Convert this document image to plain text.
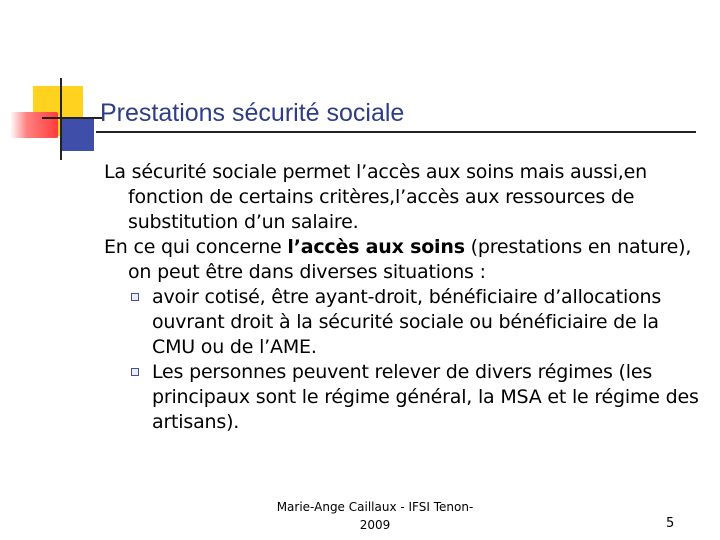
Prestations sécurité sociale

La sécurité sociale permet l’accès aux soins mais aussi,en fonction de certains critères,l’accès aux ressources de substitution d’un salaire.

En ce qui concerne l’accès aux soins (prestations en nature), on peut être dans diverses situations :

avoir cotisé, être ayant-droit, bénéficiaire d’allocations ouvrant droit à la sécurité sociale ou bénéficiaire de la CMU ou de l’AME.

Les personnes peuvent relever de divers régimes (les principaux sont le régime général, la MSA et le régime des artisans).

Marie-Ange Caillaux - IFSI Tenon-
2009	5
